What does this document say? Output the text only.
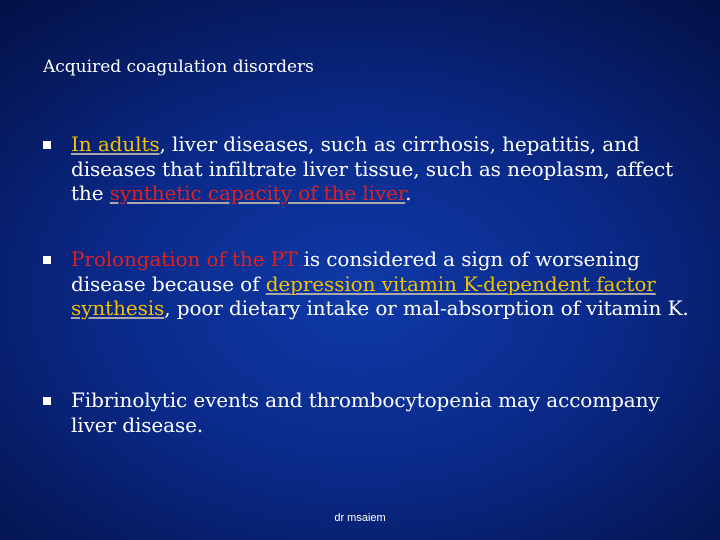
Acquired coagulation disorders
In adults, liver diseases, such as cirrhosis, hepatitis, and diseases that infiltrate liver tissue, such as neoplasm, affect the synthetic capacity of the liver.
Prolongation of the PT is considered a sign of worsening disease because of depression vitamin K-dependent factor synthesis, poor dietary intake or mal-absorption of vitamin K.
Fibrinolytic events and thrombocytopenia may accompany liver disease.
dr msaiem
